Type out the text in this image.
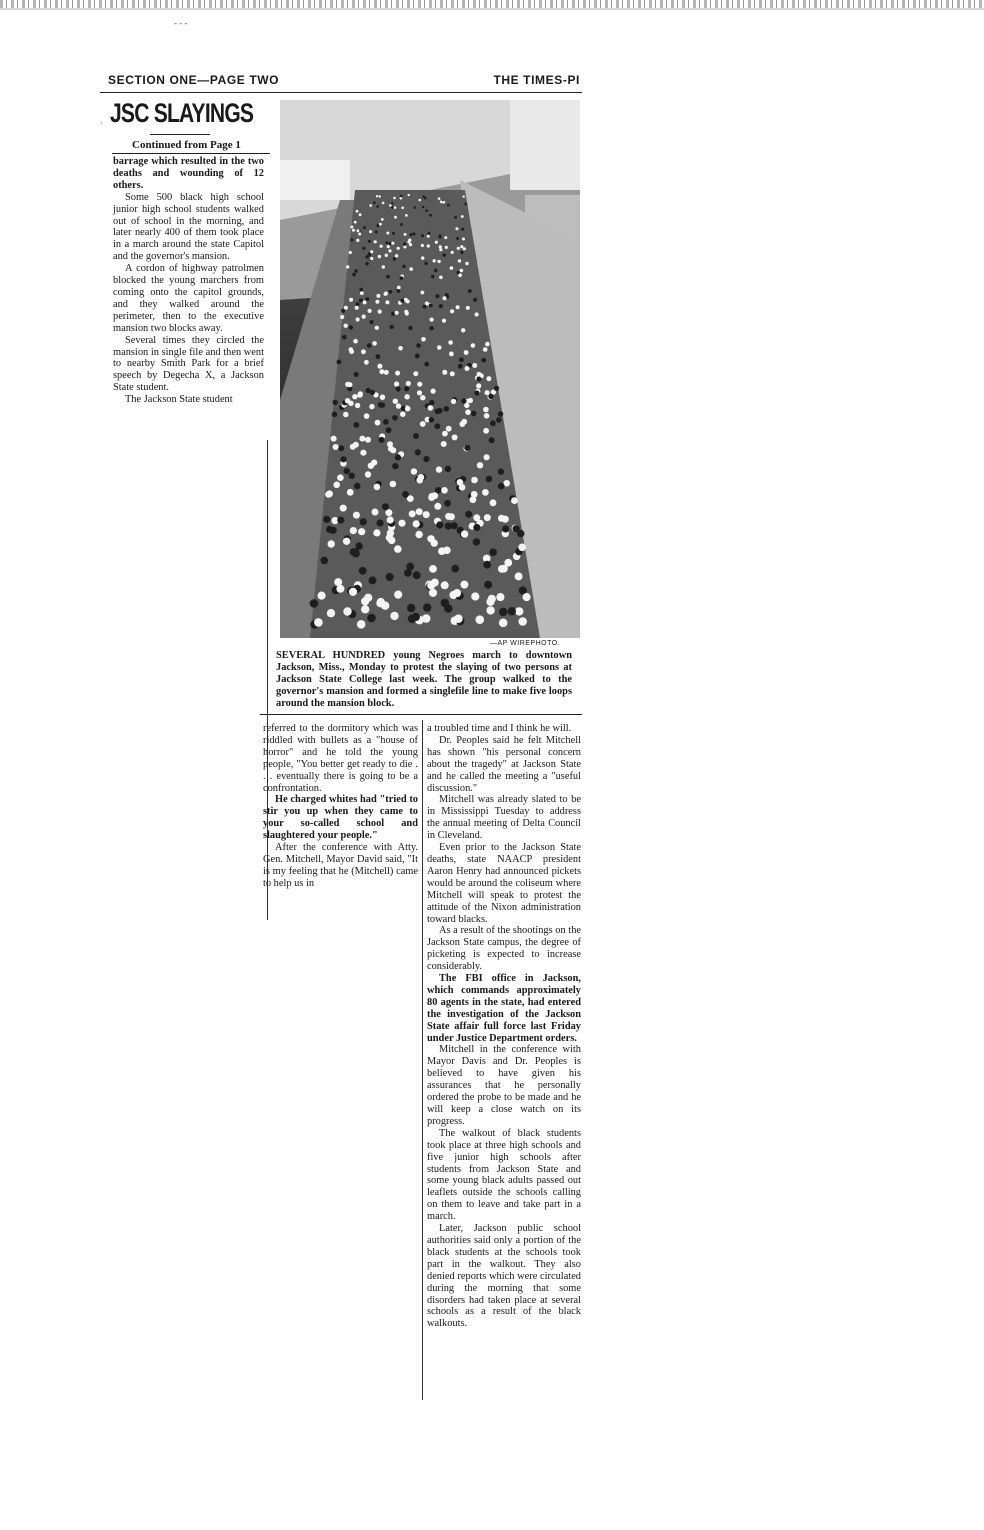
SECTION ONE—PAGE TWO	THE TIMES-PI
JSC SLAYINGS
Continued from Page 1

barrage which resulted in the two deaths and wounding of 12 others.

Some 500 black high school junior high school students walked out of school in the morning, and later nearly 400 of them took place in a march around the state Capitol and the governor's mansion.

A cordon of highway patrolmen blocked the young marchers from coming onto the capitol grounds, and they walked around the perimeter, then to the executive mansion two blocks away.

Several times they circled the mansion in single file and then went to nearby Smith Park for a brief speech by Degecha X, a Jackson State student.

The Jackson State student

—AP WIREPHOTO.
SEVERAL HUNDRED young Negroes march to downtown Jackson, Miss., Monday to protest the slaying of two persons at Jackson State College last week. The group walked to the governor's mansion and formed a singlefile line to make five loops around the mansion block.

referred to the dormitory which was riddled with bullets as a "house of horror" and he told the young people, "You better get ready to die . . . eventually there is going to be a confrontation.

He charged whites had "tried to stir you up when they came to your so-called school and slaughtered your people."

After the conference with Atty. Gen. Mitchell, Mayor David said, "It is my feeling that he (Mitchell) came to help us in

a troubled time and I think he will.

Dr. Peoples said he felt Mitchell has shown "his personal concern about the tragedy" at Jackson State and he called the meeting a "useful discussion."

Mitchell was already slated to be in Mississippi Tuesday to address the annual meeting of Delta Council in Cleveland.

Even prior to the Jackson State deaths, state NAACP president Aaron Henry had announced pickets would be around the coliseum where Mitchell will speak to protest the attitude of the Nixon administration toward blacks.

As a result of the shootings on the Jackson State campus, the degree of picketing is expected to increase considerably.

The FBI office in Jackson, which commands approximately 80 agents in the state, had entered the investigation of the Jackson State affair full force last Friday under Justice Department orders.

Mitchell in the conference with Mayor Davis and Dr. Peoples is believed to have given his assurances that he personally ordered the probe to be made and he will keep a close watch on its progress.

The walkout of black students took place at three high schools and five junior high schools after students from Jackson State and some young black adults passed out leaflets outside the schools calling on them to leave and take part in a march.

Later, Jackson public school authorities said only a portion of the black students at the schools took part in the walkout. They also denied reports which were circulated during the morning that some disorders had taken place at several schools as a result of the black walkouts.

·
- - -
